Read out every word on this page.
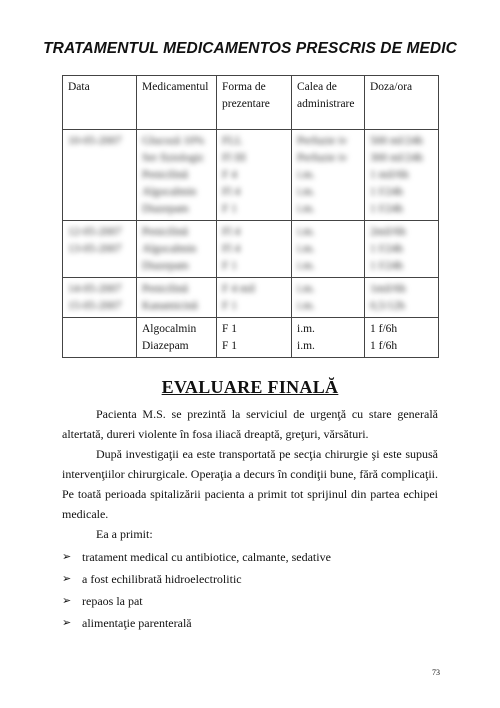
TRATAMENTUL MEDICAMENTOS PRESCRIS DE MEDIC
Data	Medicamentul	Forma de
prezentare	Calea de
administrare	Doza/ora

10-05-2007	Glucoză 10%
Ser fiziologic
Penicilină
Algocalmin
Diazepam	FLL
Fl III
F 4
Fl 4
F 1	Perfuzie iv
Perfuzie iv
i.m.
i.m.
i.m.	500 ml/24h
300 ml/24h
1 mil/6h
1 f/24h
1 f/24h

12-05-2007
13-05-2007	Penicilină
Algocalmin
Diazepam	Fl 4
Fl 4
F 1	i.m.
i.m.
i.m.	2mil/6h
1 f/24h
1 f/24h

14-05-2007
15-05-2007	Penicilină
Kanamicină	F 4 mil
F 1	i.m.
i.m.	1mil/6h
0,5/12h

	Algocalmin
Diazepam	F 1
F 1	i.m.
i.m.	1 f/6h
1 f/6h
EVALUARE FINALĂ

Pacienta M.S. se prezintă la serviciul de urgenţă cu stare generală altertată, dureri violente în fosa iliacă dreaptă, greţuri, vărsături.

După investigaţii ea este transportată pe secţia chirurgie şi este supusă intervenţiilor chirurgicale. Operaţia a decurs în condiţii bune, fără complicaţii. Pe toată perioada spitalizării pacienta a primit tot sprijinul din partea echipei medicale.

Ea a primit:

➢ tratament medical cu antibiotice, calmante, sedative
➢ a fost echilibrată hidroelectrolitic
➢ repaos la pat
➢ alimentaţie parenterală
73
